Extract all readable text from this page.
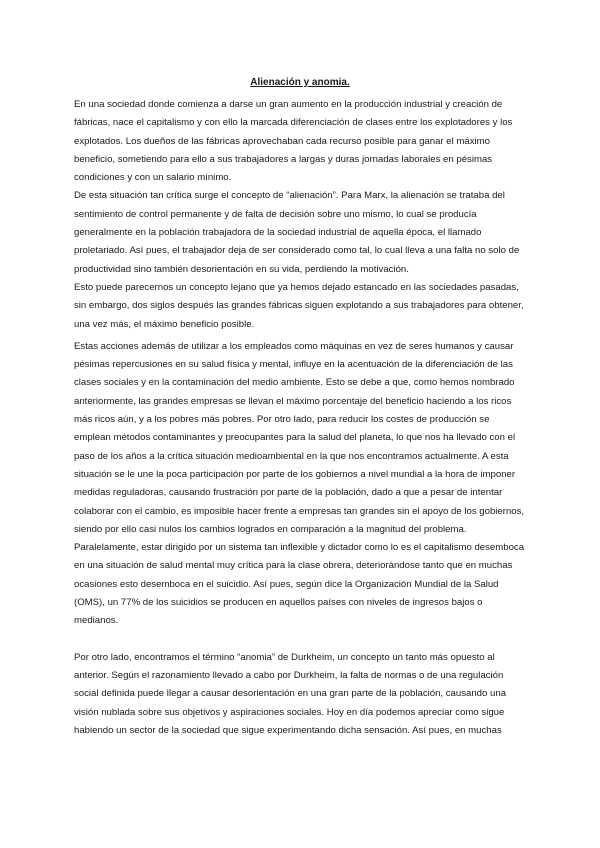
Alienación y anomia.

En una sociedad donde comienza a darse un gran aumento en la producción industrial y creación de fábricas, nace el capitalismo y con ello la marcada diferenciación de clases entre los explotadores y los explotados. Los dueños de las fábricas aprovechaban cada recurso posible para ganar el máximo beneficio, sometiendo para ello a sus trabajadores a largas y duras jornadas laborales en pésimas condiciones y con un salario mínimo.

De esta situación tan crítica surge el concepto de “alienación”. Para Marx, la alienación se trataba del sentimiento de control permanente y de falta de decisión sobre uno mismo, lo cual se producía generalmente en la población trabajadora de la sociedad industrial de aquella época, el llamado proletariado. Así pues, el trabajador deja de ser considerado como tal, lo cual lleva a una falta no solo de productividad sino también desorientación en su vida, perdiendo la motivación.

Esto puede parecernos un concepto lejano que ya hemos dejado estancado en las sociedades pasadas, sin embargo, dos siglos después las grandes fábricas siguen explotando a sus trabajadores para obtener, una vez más, el máximo beneficio posible.

Estas acciones además de utilizar a los empleados como máquinas en vez de seres humanos y causar pésimas repercusiones en su salud física y mental, influye en la acentuación de la diferenciación de las clases sociales y en la contaminación del medio ambiente. Esto se debe a que, como hemos nombrado anteriormente, las grandes empresas se llevan el máximo porcentaje del beneficio haciendo a los ricos más ricos aún, y a los pobres más pobres. Por otro lado, para reducir los costes de producción se emplean métodos contaminantes y preocupantes para la salud del planeta, lo que nos ha llevado con el paso de los años a la crítica situación medioambiental en la que nos encontramos actualmente. A esta situación se le une la poca participación por parte de los gobiernos a nivel mundial a la hora de imponer medidas reguladoras, causando frustración por parte de la población, dado a que a pesar de intentar colaborar con el cambio, es imposible hacer frente a empresas tan grandes sin el apoyo de los gobiernos, siendo por ello casi nulos los cambios logrados en comparación a la magnitud del problema.

Paralelamente, estar dirigido por un sistema tan inflexible y dictador como lo es el capitalismo desemboca en una situación de salud mental muy crítica para la clase obrera, deteriorándose tanto que en muchas ocasiones esto desemboca en el suicidio. Así pues, según dice la Organización Mundial de la Salud (OMS), un 77% de los suicidios se producen en aquellos países con niveles de ingresos bajos o medianos.

Por otro lado, encontramos el término “anomia” de Durkheim, un concepto un tanto más opuesto al anterior. Según el razonamiento llevado a cabo por Durkheim, la falta de normas o de una regulación social definida puede llegar a causar desorientación en una gran parte de la población, causando una visión nublada sobre sus objetivos y aspiraciones sociales. Hoy en día podemos apreciar como sigue habiendo un sector de la sociedad que sigue experimentando dicha sensación. Así pues, en muchas
